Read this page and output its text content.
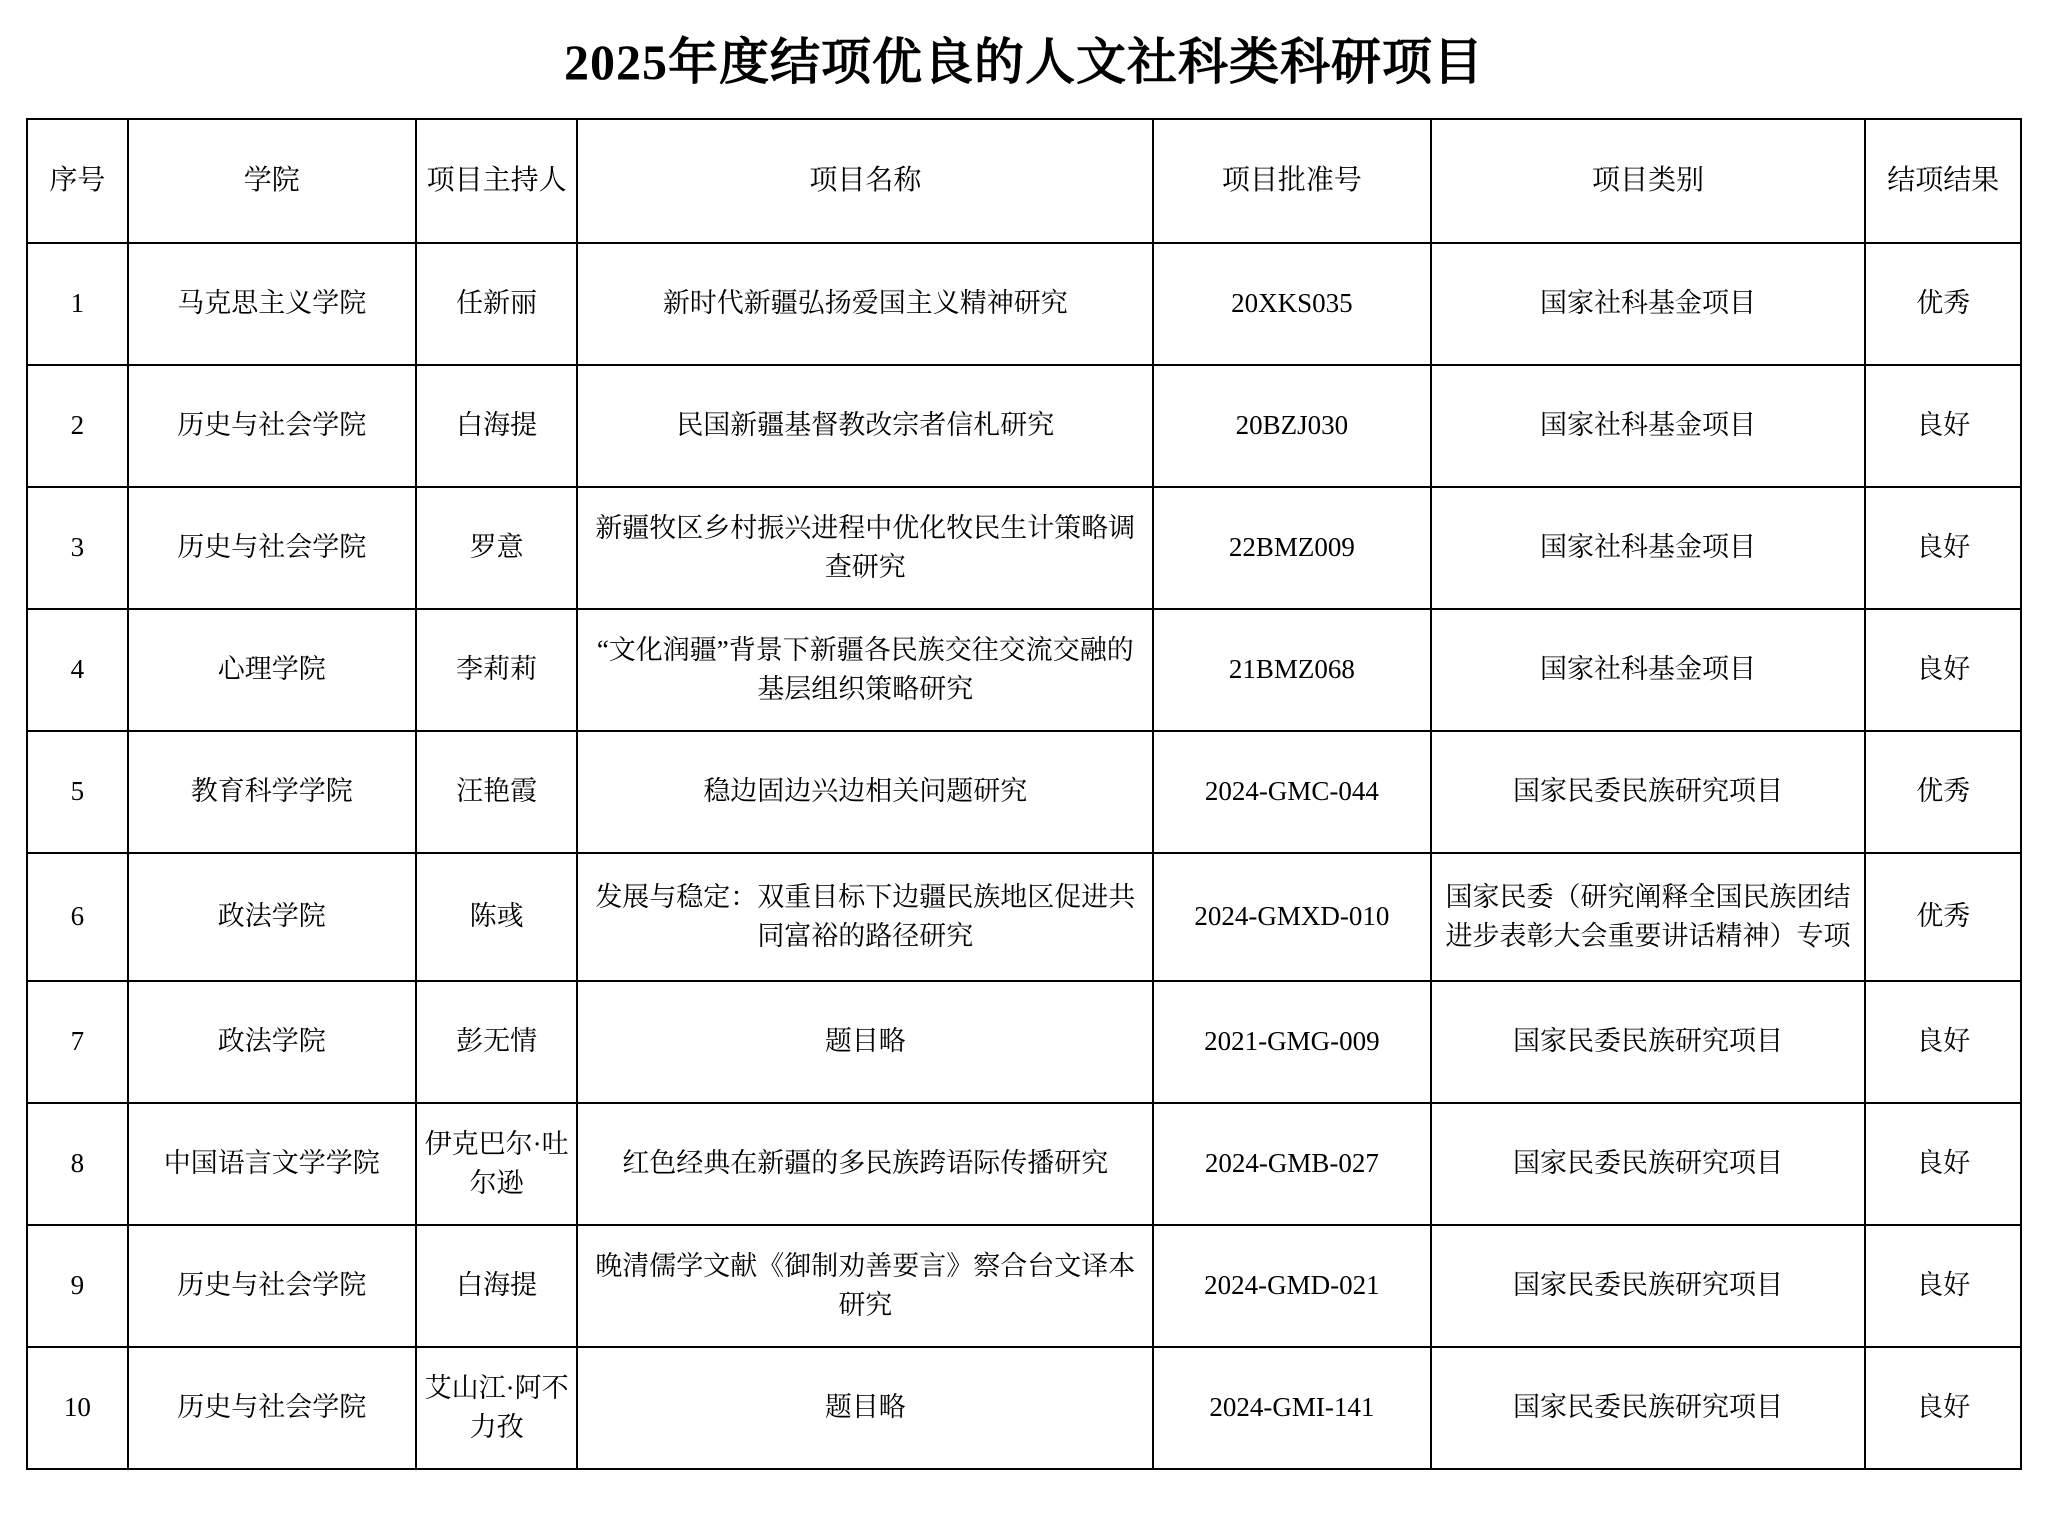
2025年度结项优良的人文社科类科研项目
序号	学院	项目主持人	项目名称	项目批准号	项目类别	结项结果
1	马克思主义学院	任新丽	新时代新疆弘扬爱国主义精神研究	20XKS035	国家社科基金项目	优秀
2	历史与社会学院	白海提	民国新疆基督教改宗者信札研究	20BZJ030	国家社科基金项目	良好
3	历史与社会学院	罗意	新疆牧区乡村振兴进程中优化牧民生计策略调查研究	22BMZ009	国家社科基金项目	良好
4	心理学院	李莉莉	“文化润疆”背景下新疆各民族交往交流交融的基层组织策略研究	21BMZ068	国家社科基金项目	良好
5	教育科学学院	汪艳霞	稳边固边兴边相关问题研究	2024-GMC-044	国家民委民族研究项目	优秀
6	政法学院	陈彧	发展与稳定：双重目标下边疆民族地区促进共同富裕的路径研究	2024-GMXD-010	国家民委（研究阐释全国民族团结进步表彰大会重要讲话精神）专项	优秀
7	政法学院	彭无情	题目略	2021-GMG-009	国家民委民族研究项目	良好
8	中国语言文学学院	伊克巴尔·吐尔逊	红色经典在新疆的多民族跨语际传播研究	2024-GMB-027	国家民委民族研究项目	良好
9	历史与社会学院	白海提	晚清儒学文献《御制劝善要言》察合台文译本研究	2024-GMD-021	国家民委民族研究项目	良好
10	历史与社会学院	艾山江·阿不力孜	题目略	2024-GMI-141	国家民委民族研究项目	良好
